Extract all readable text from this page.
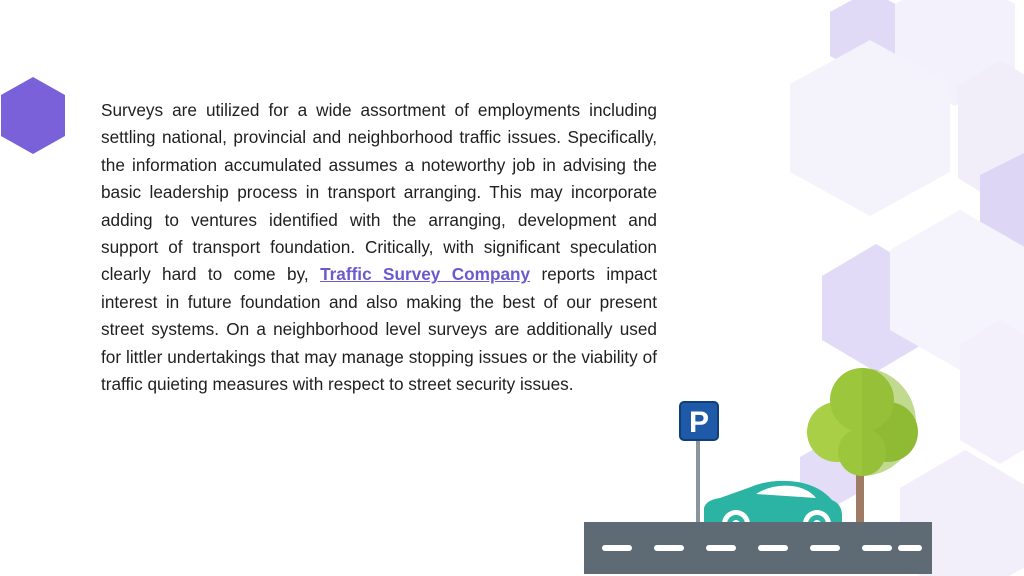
Surveys are utilized for a wide assortment of employments including settling national, provincial and neighborhood traffic issues. Specifically, the information accumulated assumes a noteworthy job in advising the basic leadership process in transport arranging. This may incorporate adding to ventures identified with the arranging, development and support of transport foundation. Critically, with significant speculation clearly hard to come by, Traffic Survey Company reports impact interest in future foundation and also making the best of our present street systems. On a neighborhood level surveys are additionally used for littler undertakings that may manage stopping issues or the viability of traffic quieting measures with respect to street security issues.

P
